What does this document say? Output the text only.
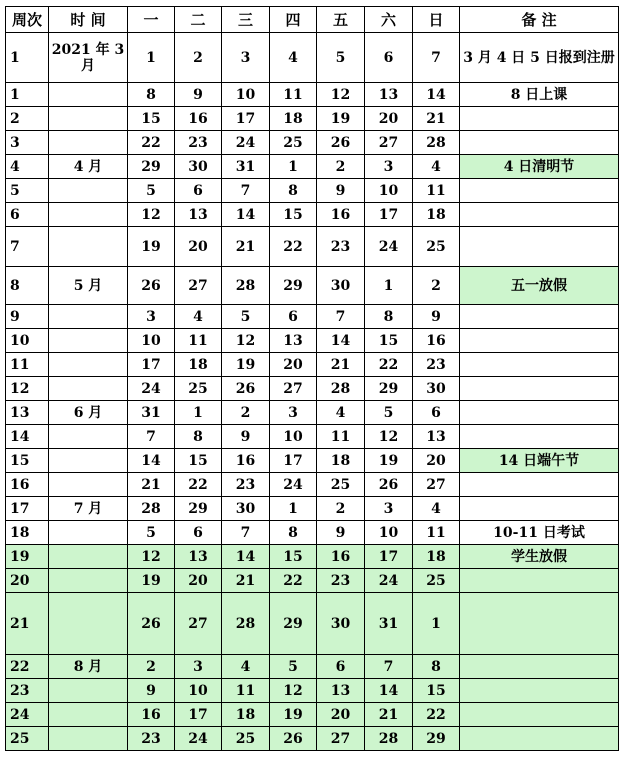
周次	时 间	一	二	三	四	五	六	日	备 注
1	2021 年 3 月	1	2	3	4	5	6	7	3 月 4 日 5 日报到注册
1		8	9	10	11	12	13	14	8 日上课
2		15	16	17	18	19	20	21	
3		22	23	24	25	26	27	28	
4	4 月	29	30	31	1	2	3	4	4 日清明节
5		5	6	7	8	9	10	11	
6		12	13	14	15	16	17	18	
7		19	20	21	22	23	24	25	
8	5 月	26	27	28	29	30	1	2	五一放假
9		3	4	5	6	7	8	9	
10		10	11	12	13	14	15	16	
11		17	18	19	20	21	22	23	
12		24	25	26	27	28	29	30	
13	6 月	31	1	2	3	4	5	6	
14		7	8	9	10	11	12	13	
15		14	15	16	17	18	19	20	14 日端午节
16		21	22	23	24	25	26	27	
17	7 月	28	29	30	1	2	3	4	
18		5	6	7	8	9	10	11	10-11 日考试
19		12	13	14	15	16	17	18	学生放假
20		19	20	21	22	23	24	25	
21		26	27	28	29	30	31	1	
22	8 月	2	3	4	5	6	7	8	
23		9	10	11	12	13	14	15	
24		16	17	18	19	20	21	22	
25		23	24	25	26	27	28	29	
